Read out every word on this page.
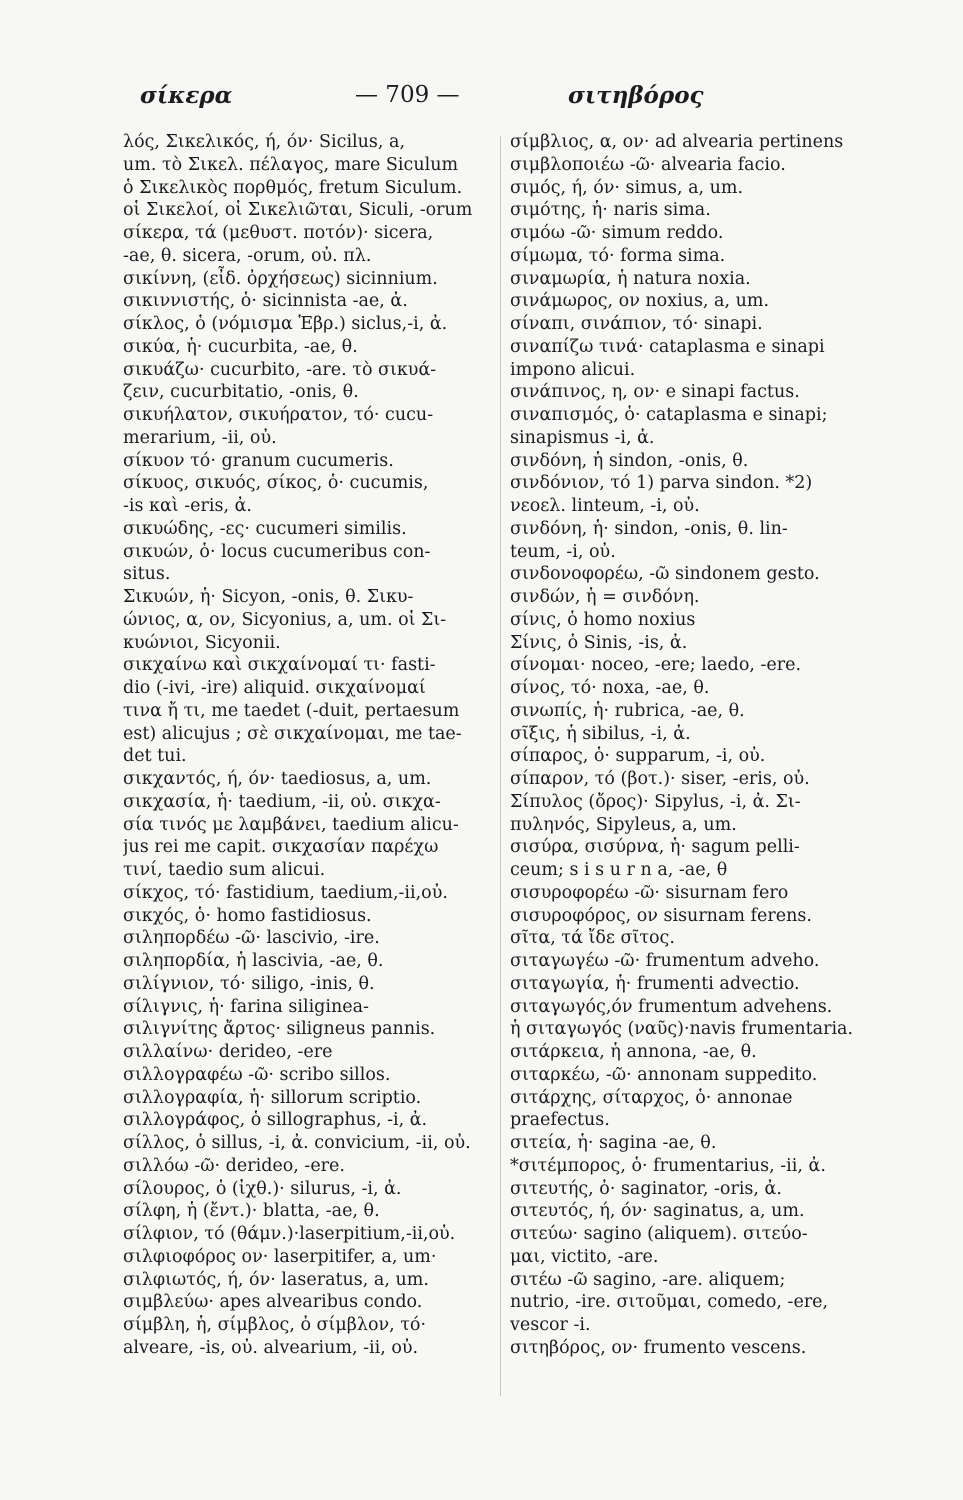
σίκερα	— 709 —	σιτηβόρος
λός, Σικελικός, ή, όν· Sicilus, a,
um. τὸ Σικελ. πέλαγος, mare Siculum
ὁ Σικελικὸς πορθμός, fretum Siculum.
οἱ Σικελοί, οἱ Σικελιῶται, Siculi, -orum
σίκερα, τά (μεθυστ. ποτόν)· sicera,
-ae, θ. sicera, -orum, οὐ. πλ.
σικίννη, (εἶδ. ὀρχήσεως) sicinnium.
σικιννιστής, ὁ· sicinnista -ae, ἀ.
σίκλος, ὁ (νόμισμα Ἑβρ.) siclus,-i, ἀ.
σικύα, ἡ· cucurbita, -ae, θ.
σικυάζω· cucurbito, -are. τὸ σικυά-
ζειν, cucurbitatio, -onis, θ.
σικυήλατον, σικυήρατον, τό· cucu-
merarium, -ii, οὐ.
σίκυον τό· granum cucumeris.
σίκυος, σικυός, σίκος, ὁ· cucumis,
-is καὶ -eris, ἀ.
σικυώδης, -ες· cucumeri similis.
σικυών, ὁ· locus cucumeribus con-
situs.
Σικυών, ἡ· Sicyon, -onis, θ. Σικυ-
ώνιος, α, ον, Sicyonius, a, um. οἱ Σι-
κυώνιοι, Sicyonii.
σικχαίνω καὶ σικχαίνομαί τι· fasti-
dio (-ivi, -ire) aliquid. σικχαίνομαί
τινα ἤ τι, me taedet (-duit, pertaesum
est) alicujus ; σὲ σικχαίνομαι, me tae-
det tui.
σικχαντός, ή, όν· taediosus, a, um.
σικχασία, ἡ· taedium, -ii, οὐ. σικχα-
σία τινός με λαμβάνει, taedium alicu-
jus rei me capit. σικχασίαν παρέχω
τινί, taedio sum alicui.
σίκχος, τό· fastidium, taedium,-ii,οὐ.
σικχός, ὁ· homo fastidiosus.
σιληπορδέω -ῶ· lascivio, -ire.
σιληπορδία, ἡ lascivia, -ae, θ.
σιλίγνιον, τό· siligo, -inis, θ.
σίλιγνις, ἡ· farina siliginea-
σιλιγνίτης ἄρτος· siligneus pannis.
σιλλαίνω· derideo, -ere
σιλλογραφέω -ῶ· scribo sillos.
σιλλογραφία, ἡ· sillorum scriptio.
σιλλογράφος, ὁ sillographus, -i, ἀ.
σίλλος, ὁ sillus, -i, ἀ. convicium, -ii, οὐ.
σιλλόω -ῶ· derideo, -ere.
σίλουρος, ὁ (ἰχθ.)· silurus, -i, ἀ.
σίλφη, ἡ (ἔντ.)· blatta, -ae, θ.
σίλφιον, τό (θάμν.)·laserpitium,-ii,οὐ.
σιλφιοφόρος ον· laserpitifer, a, um·
σιλφιωτός, ή, όν· laseratus, a, um.
σιμβλεύω· apes alvearibus condo.
σίμβλη, ἡ, σίμβλος, ὁ σίμβλον, τό·
alveare, -is, οὐ. alvearium, -ii, οὐ.
σίμβλιος, α, ον· ad alvearia pertinens
σιμβλοποιέω -ῶ· alvearia facio.
σιμός, ή, όν· simus, a, um.
σιμότης, ἡ· naris sima.
σιμόω -ῶ· simum reddo.
σίμωμα, τό· forma sima.
σιναμωρία, ἡ natura noxia.
σινάμωρος, ον noxius, a, um.
σίναπι, σινάπιον, τό· sinapi.
σιναπίζω τινά· cataplasma e sinapi
impono alicui.
σινάπινος, η, ον· e sinapi factus.
σιναπισμός, ὁ· cataplasma e sinapi;
sinapismus -i, ἀ.
σινδόνη, ἡ sindon, -onis, θ.
σινδόνιον, τό 1) parva sindon. *2)
νεοελ. linteum, -i, οὐ.
σινδόνη, ἡ· sindon, -onis, θ. lin-
teum, -i, οὐ.
σινδονοφορέω, -ῶ sindonem gesto.
σινδών, ἡ = σινδόνη.
σίνις, ὁ homo noxius
Σίνις, ὁ Sinis, -is, ἀ.
σίνομαι· noceo, -ere; laedo, -ere.
σίνος, τό· noxa, -ae, θ.
σινωπίς, ἡ· rubrica, -ae, θ.
σῖξις, ἡ sibilus, -i, ἀ.
σίπαρος, ὁ· supparum, -i, οὐ.
σίπαρον, τό (βοτ.)· siser, -eris, οὐ.
Σίπυλος (ὄρος)· Sipylus, -i, ἀ. Σι-
πυληνός, Sipyleus, a, um.
σισύρα, σισύρνα, ἡ· sagum pelli-
ceum; s i s u r n a, -ae, θ
σισυροφορέω -ῶ· sisurnam fero
σισυροφόρος, ον sisurnam ferens.
σῖτα, τά ἴδε σῖτος.
σιταγωγέω -ῶ· frumentum adveho.
σιταγωγία, ἡ· frumenti advectio.
σιταγωγός,όν frumentum advehens.
ἡ σιταγωγός (ναῦς)·navis frumentaria.
σιτάρκεια, ἡ annona, -ae, θ.
σιταρκέω, -ῶ· annonam suppedito.
σιτάρχης, σίταρχος, ὁ· annonae
praefectus.
σιτεία, ἡ· sagina -ae, θ.
*σιτέμπορος, ὁ· frumentarius, -ii, ἀ.
σιτευτής, ὁ· saginator, -oris, ἀ.
σιτευτός, ή, όν· saginatus, a, um.
σιτεύω· sagino (aliquem). σιτεύο-
μαι, victito, -are.
σιτέω -ῶ sagino, -are. aliquem;
nutrio, -ire. σιτοῦμαι, comedo, -ere,
vescor -i.
σιτηβόρος, ον· frumento vescens.
